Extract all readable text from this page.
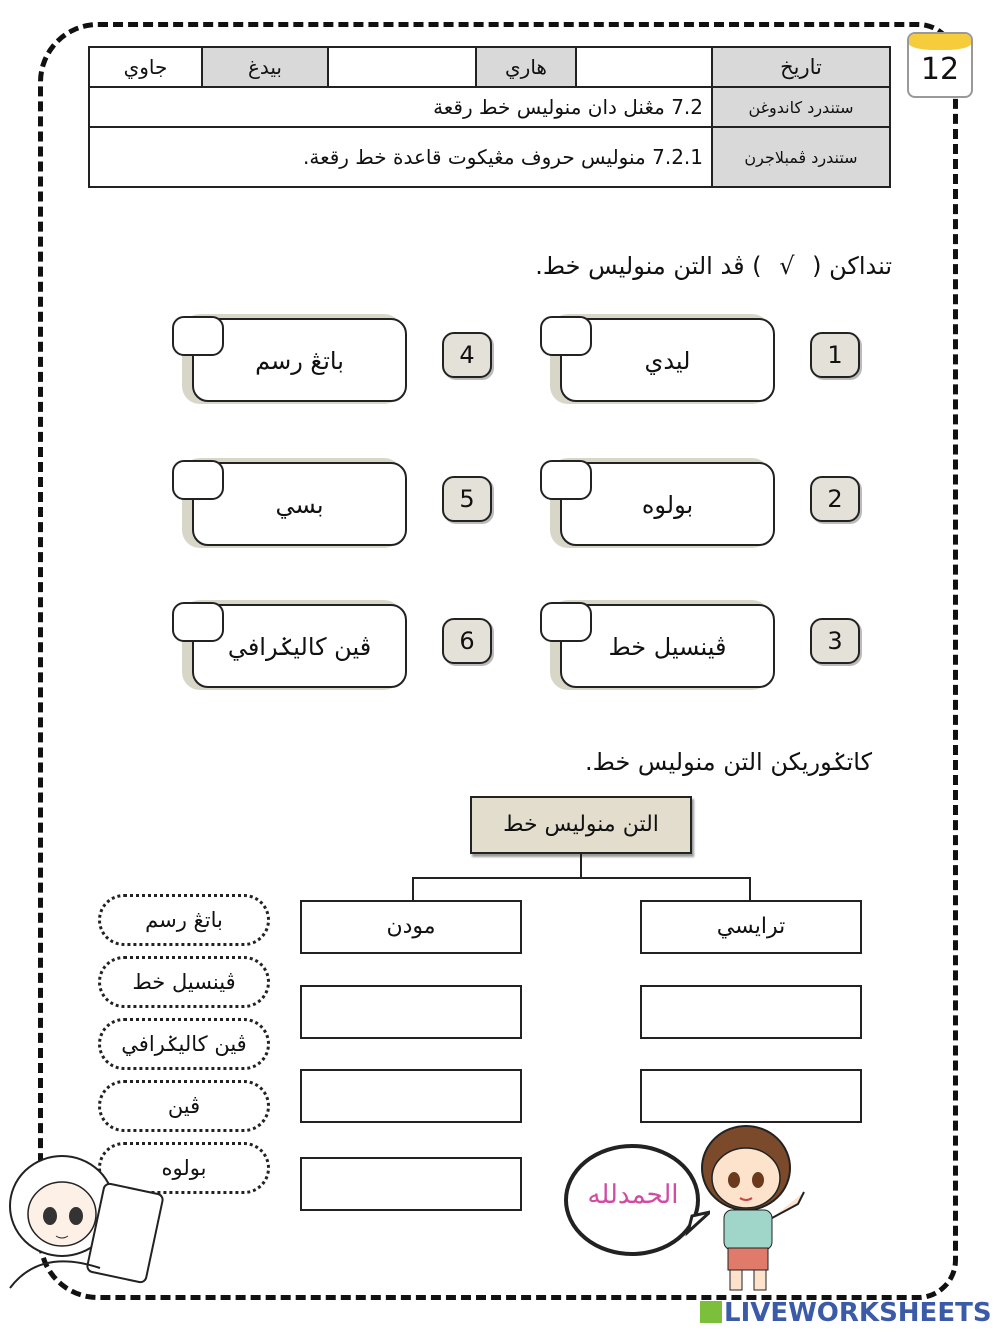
12
تاريخ		هاري		بيدغ	جاوي
ستندرد كاندوغن	7.2 مڠنل دان منوليس خط رقعة				
ستندرد ڤمبلاجرن	7.2.1 منوليس حروف مڠيكوت قاعدة خط رقعة.				
تنداكن ( √ ) ڤد التن منوليس خط.
ليدي	1
بولوه	2
ڤينسيل خط	3
باتڠ رسم	4
بسي	5
ڤين كاليݢرافي	6
كاتݢوريكن التن منوليس خط.
التن منوليس خط
ترايسي
مودن
باتڠ رسم
ڤينسيل خط
ڤين كاليݢرافي
ڤين
بولوه
الحمدلله
LIVEWORKSHEETS
